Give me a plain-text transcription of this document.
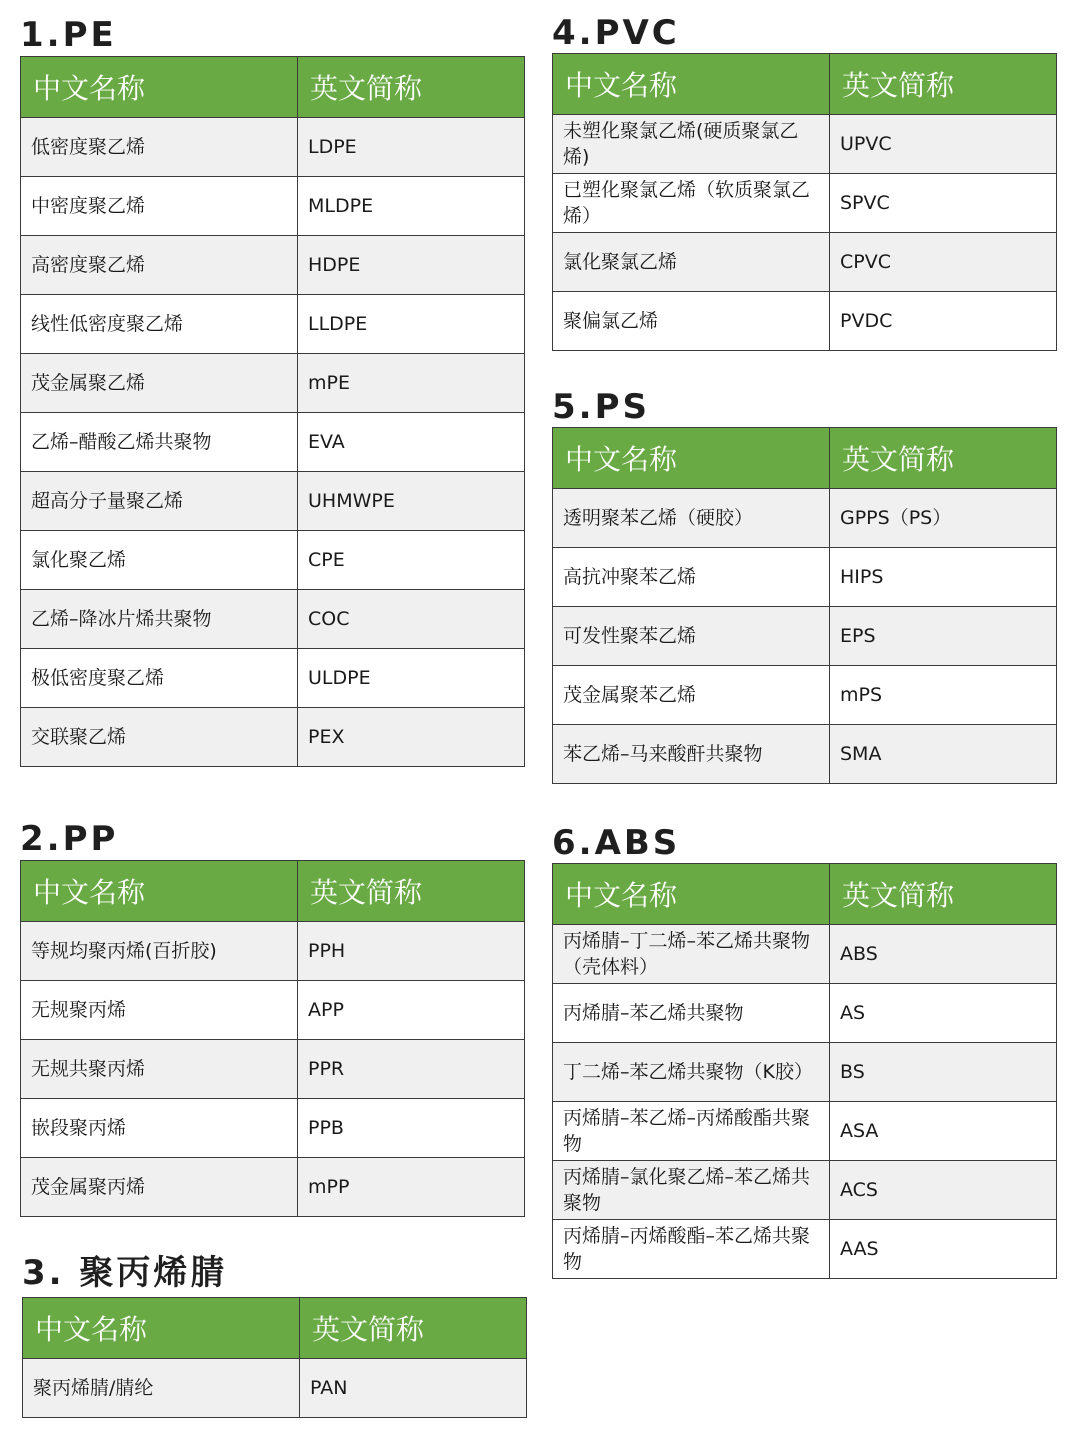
1.PE
中文名称	英文简称
低密度聚乙烯	LDPE
中密度聚乙烯	MLDPE
高密度聚乙烯	HDPE
线性低密度聚乙烯	LLDPE
茂金属聚乙烯	mPE
乙烯–醋酸乙烯共聚物	EVA
超高分子量聚乙烯	UHMWPE
氯化聚乙烯	CPE
乙烯–降冰片烯共聚物	COC
极低密度聚乙烯	ULDPE
交联聚乙烯	PEX
2.PP
中文名称	英文简称
等规均聚丙烯(百折胶)	PPH
无规聚丙烯	APP
无规共聚丙烯	PPR
嵌段聚丙烯	PPB
茂金属聚丙烯	mPP
3. 聚丙烯腈
中文名称	英文简称
聚丙烯腈/腈纶	PAN
4.PVC
中文名称	英文简称
未塑化聚氯乙烯(硬质聚氯乙烯)	UPVC
已塑化聚氯乙烯（软质聚氯乙烯）	SPVC
氯化聚氯乙烯	CPVC
聚偏氯乙烯	PVDC
5.PS
中文名称	英文简称
透明聚苯乙烯（硬胶）	GPPS（PS）
高抗冲聚苯乙烯	HIPS
可发性聚苯乙烯	EPS
茂金属聚苯乙烯	mPS
苯乙烯–马来酸酐共聚物	SMA
6.ABS
中文名称	英文简称
丙烯腈–丁二烯–苯乙烯共聚物（壳体料）	ABS
丙烯腈–苯乙烯共聚物	AS
丁二烯–苯乙烯共聚物（K胶）	BS
丙烯腈–苯乙烯–丙烯酸酯共聚物	ASA
丙烯腈–氯化聚乙烯–苯乙烯共聚物	ACS
丙烯腈–丙烯酸酯–苯乙烯共聚物	AAS
